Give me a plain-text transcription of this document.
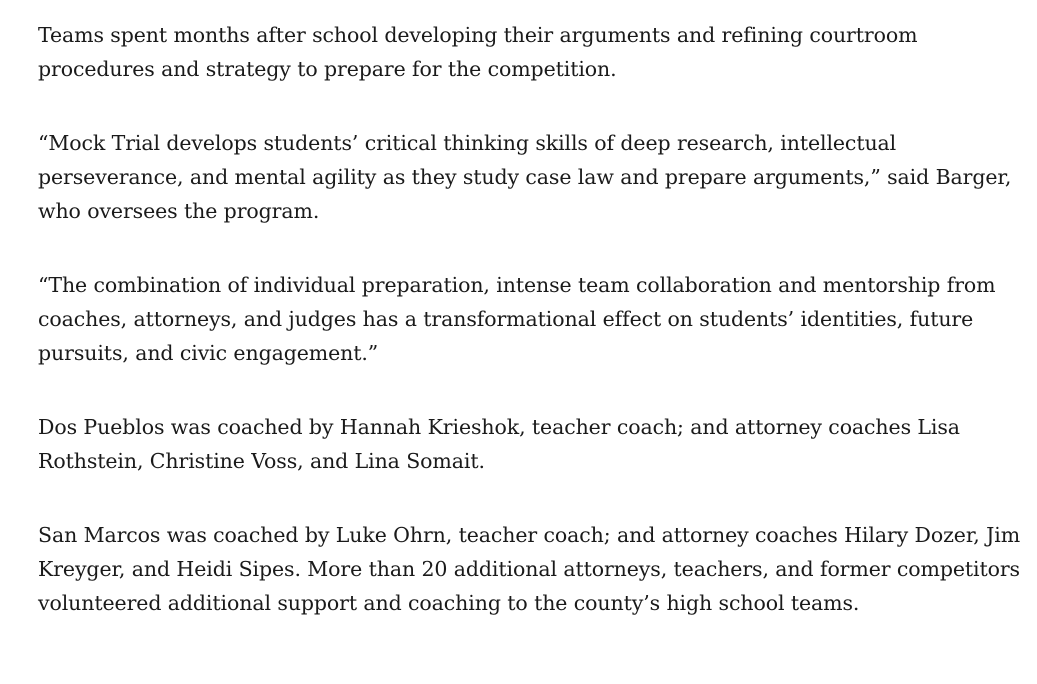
Teams spent months after school developing their arguments and refining courtroom procedures and strategy to prepare for the competition.

“Mock Trial develops students’ critical thinking skills of deep research, intellectual perseverance, and mental agility as they study case law and prepare arguments,” said Barger, who oversees the program.

“The combination of individual preparation, intense team collaboration and mentorship from coaches, attorneys, and judges has a transformational effect on students’ identities, future pursuits, and civic engagement.”

Dos Pueblos was coached by Hannah Krieshok, teacher coach; and attorney coaches Lisa Rothstein, Christine Voss, and Lina Somait.

San Marcos was coached by Luke Ohrn, teacher coach; and attorney coaches Hilary Dozer, Jim Kreyger, and Heidi Sipes. More than 20 additional attorneys, teachers, and former competitors volunteered additional support and coaching to the county’s high school teams.
